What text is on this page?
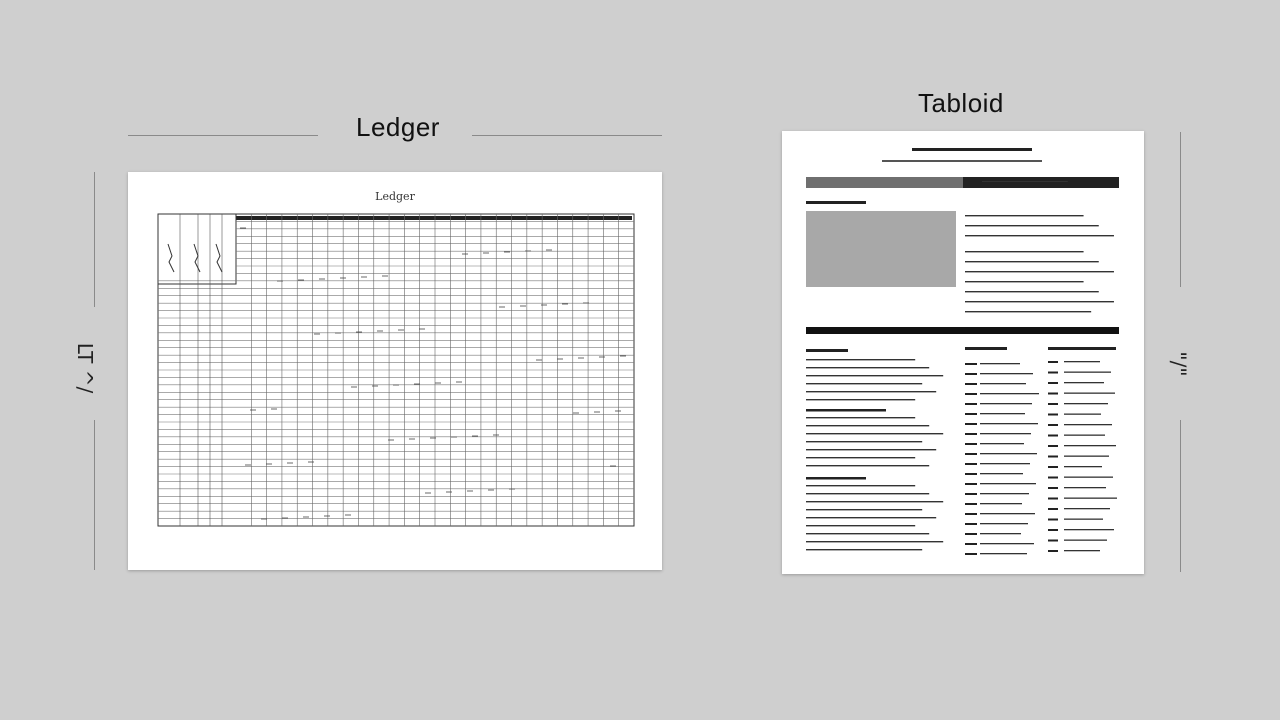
Ledger
LT ^/
Ledger
Tabloid
"/"
